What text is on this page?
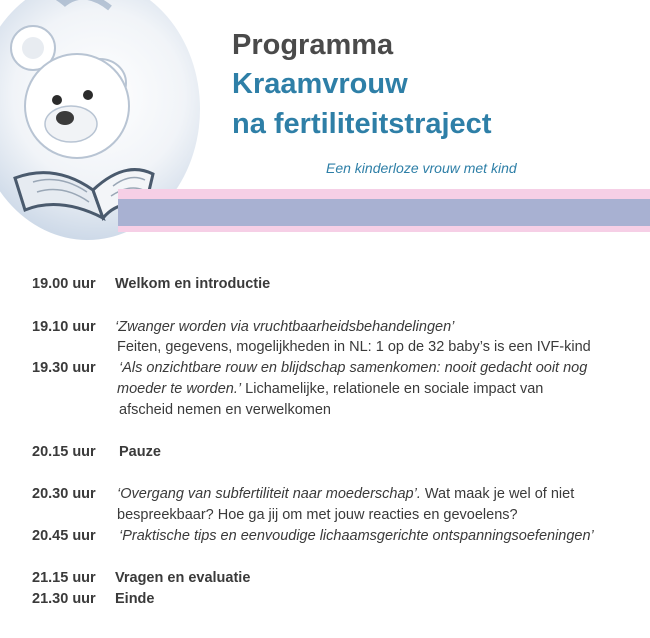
Programma
Kraamvrouw
na fertiliteitstraject
Een kinderloze vrouw met kind
19.00 uur Welkom en introductie
19.10 uur ‘Zwanger worden via vruchtbaarheidsbehandelingen’
Feiten, gegevens, mogelijkheden in NL: 1 op de 32 baby’s is een IVF-kind
19.30 uur ‘Als onzichtbare rouw en blijdschap samenkomen: nooit gedacht ooit nog
moeder te worden.’ Lichamelijke, relationele en sociale impact van
afscheid nemen en verwelkomen
20.15 uur Pauze
20.30 uur ‘Overgang van subfertiliteit naar moederschap’. Wat maak je wel of niet
bespreekbaar? Hoe ga jij om met jouw reacties en gevoelens?
20.45 uur ‘Praktische tips en eenvoudige lichaamsgerichte ontspanningsoefeningen’
21.15 uur Vragen en evaluatie
21.30 uur Einde
